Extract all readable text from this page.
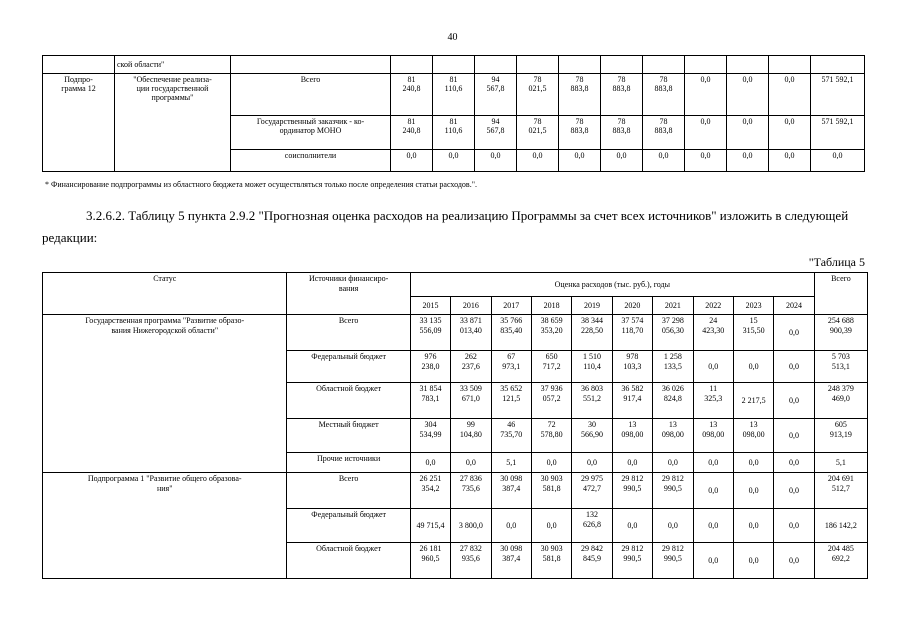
40
	ской области"												
Подпро-
грамма 12	"Обеспечение реализа-
ции государственной
программы"	Всего	81
240,8	81
110,6	94
567,8	78
021,5	78
883,8	78
883,8	78
883,8	0,0	0,0	0,0	571 592,1
		Государственный заказчик - ко-
ординатор МОНО	81
240,8	81
110,6	94
567,8	78
021,5	78
883,8	78
883,8	78
883,8	0,0	0,0	0,0	571 592,1
		соисполнители	0,0	0,0	0,0	0,0	0,0	0,0	0,0	0,0	0,0	0,0	0,0
* Финансирование подпрограммы из областного бюджета может осуществляться только после определения статьи расходов.".
3.2.6.2. Таблицу 5 пункта 2.9.2 "Прогнозная оценка расходов на реализацию Программы за счет всех источников" изложить в следующей редакции:
"Таблица 5
Статус	Источники финансиро-
вания	Оценка расходов (тыс. руб.), годы										Всего
		2015	2016	2017	2018	2019	2020	2021	2022	2023	2024	
Государственная программа "Развитие образо-
вания Нижегородской области"	Всего	33 135
556,09	33 871
013,40	35 766
835,40	38 659
353,20	38 344
228,50	37 574
118,70	37 298
056,30	24
423,30	15
315,50	0,0	254 688
900,39
	Федеральный бюджет	976
238,0	262
237,6	67
973,1	650
717,2	1 510
110,4	978
103,3	1 258
133,5	0,0	0,0	0,0	5 703
513,1
	Областной бюджет	31 854
783,1	33 509
671,0	35 652
121,5	37 936
057,2	36 803
551,2	36 582
917,4	36 026
824,8	11
325,3	2 217,5	0,0	248 379
469,0
	Местный бюджет	304
534,99	99
104,80	46
735,70	72
578,80	30
566,90	13
098,00	13
098,00	13
098,00	13
098,00	0,0	605
913,19
	Прочие источники	0,0	0,0	5,1	0,0	0,0	0,0	0,0	0,0	0,0	0,0	5,1
Подпрограмма 1 "Развитие общего образова-
ния"	Всего	26 251
354,2	27 836
735,6	30 098
387,4	30 903
581,8	29 975
472,7	29 812
990,5	29 812
990,5	0,0	0,0	0,0	204 691
512,7
	Федеральный бюджет	49 715,4	3 800,0	0,0	0,0	132
626,8	0,0	0,0	0,0	0,0	0,0	186 142,2
	Областной бюджет	26 181
960,5	27 832
935,6	30 098
387,4	30 903
581,8	29 842
845,9	29 812
990,5	29 812
990,5	0,0	0,0	0,0	204 485
692,2
